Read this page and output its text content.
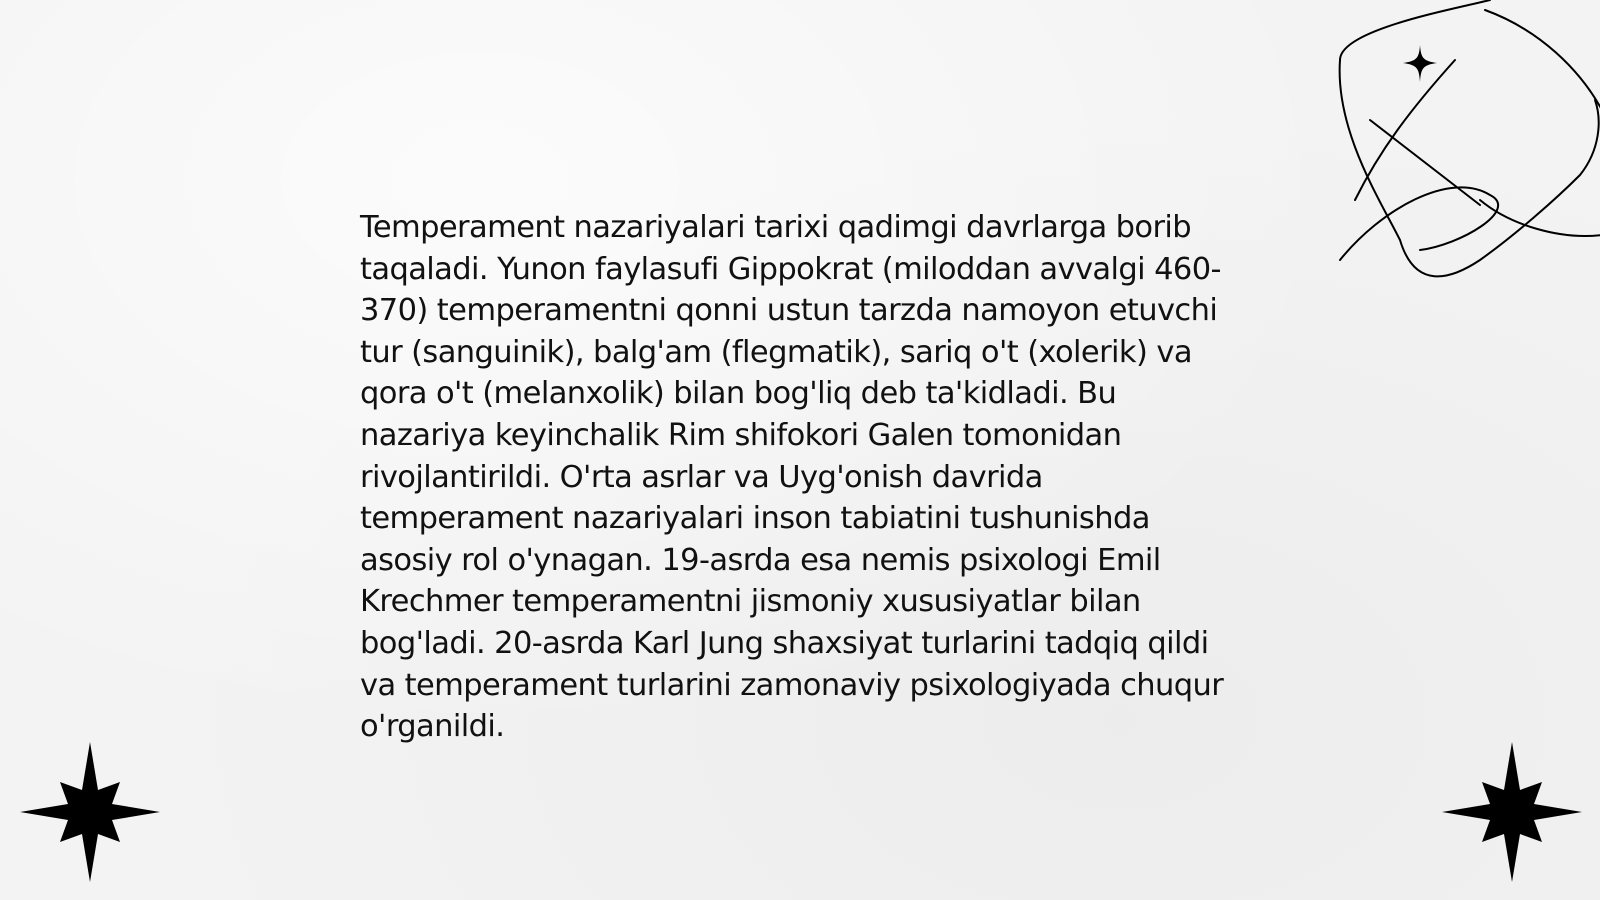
Temperament nazariyalari tarixi qadimgi davrlarga borib taqaladi. Yunon faylasufi Gippokrat (miloddan avvalgi 460-370) temperamentni qonni ustun tarzda namoyon etuvchi tur (sanguinik), balg'am (flegmatik), sariq o't (xolerik) va qora o't (melanxolik) bilan bog'liq deb ta'kidladi. Bu nazariya keyinchalik Rim shifokori Galen tomonidan rivojlantirildi. O'rta asrlar va Uyg'onish davrida temperament nazariyalari inson tabiatini tushunishda asosiy rol o'ynagan. 19-asrda esa nemis psixologi Emil Krechmer temperamentni jismoniy xususiyatlar bilan bog'ladi. 20-asrda Karl Jung shaxsiyat turlarini tadqiq qildi va temperament turlarini zamonaviy psixologiyada chuqur o'rganildi.
